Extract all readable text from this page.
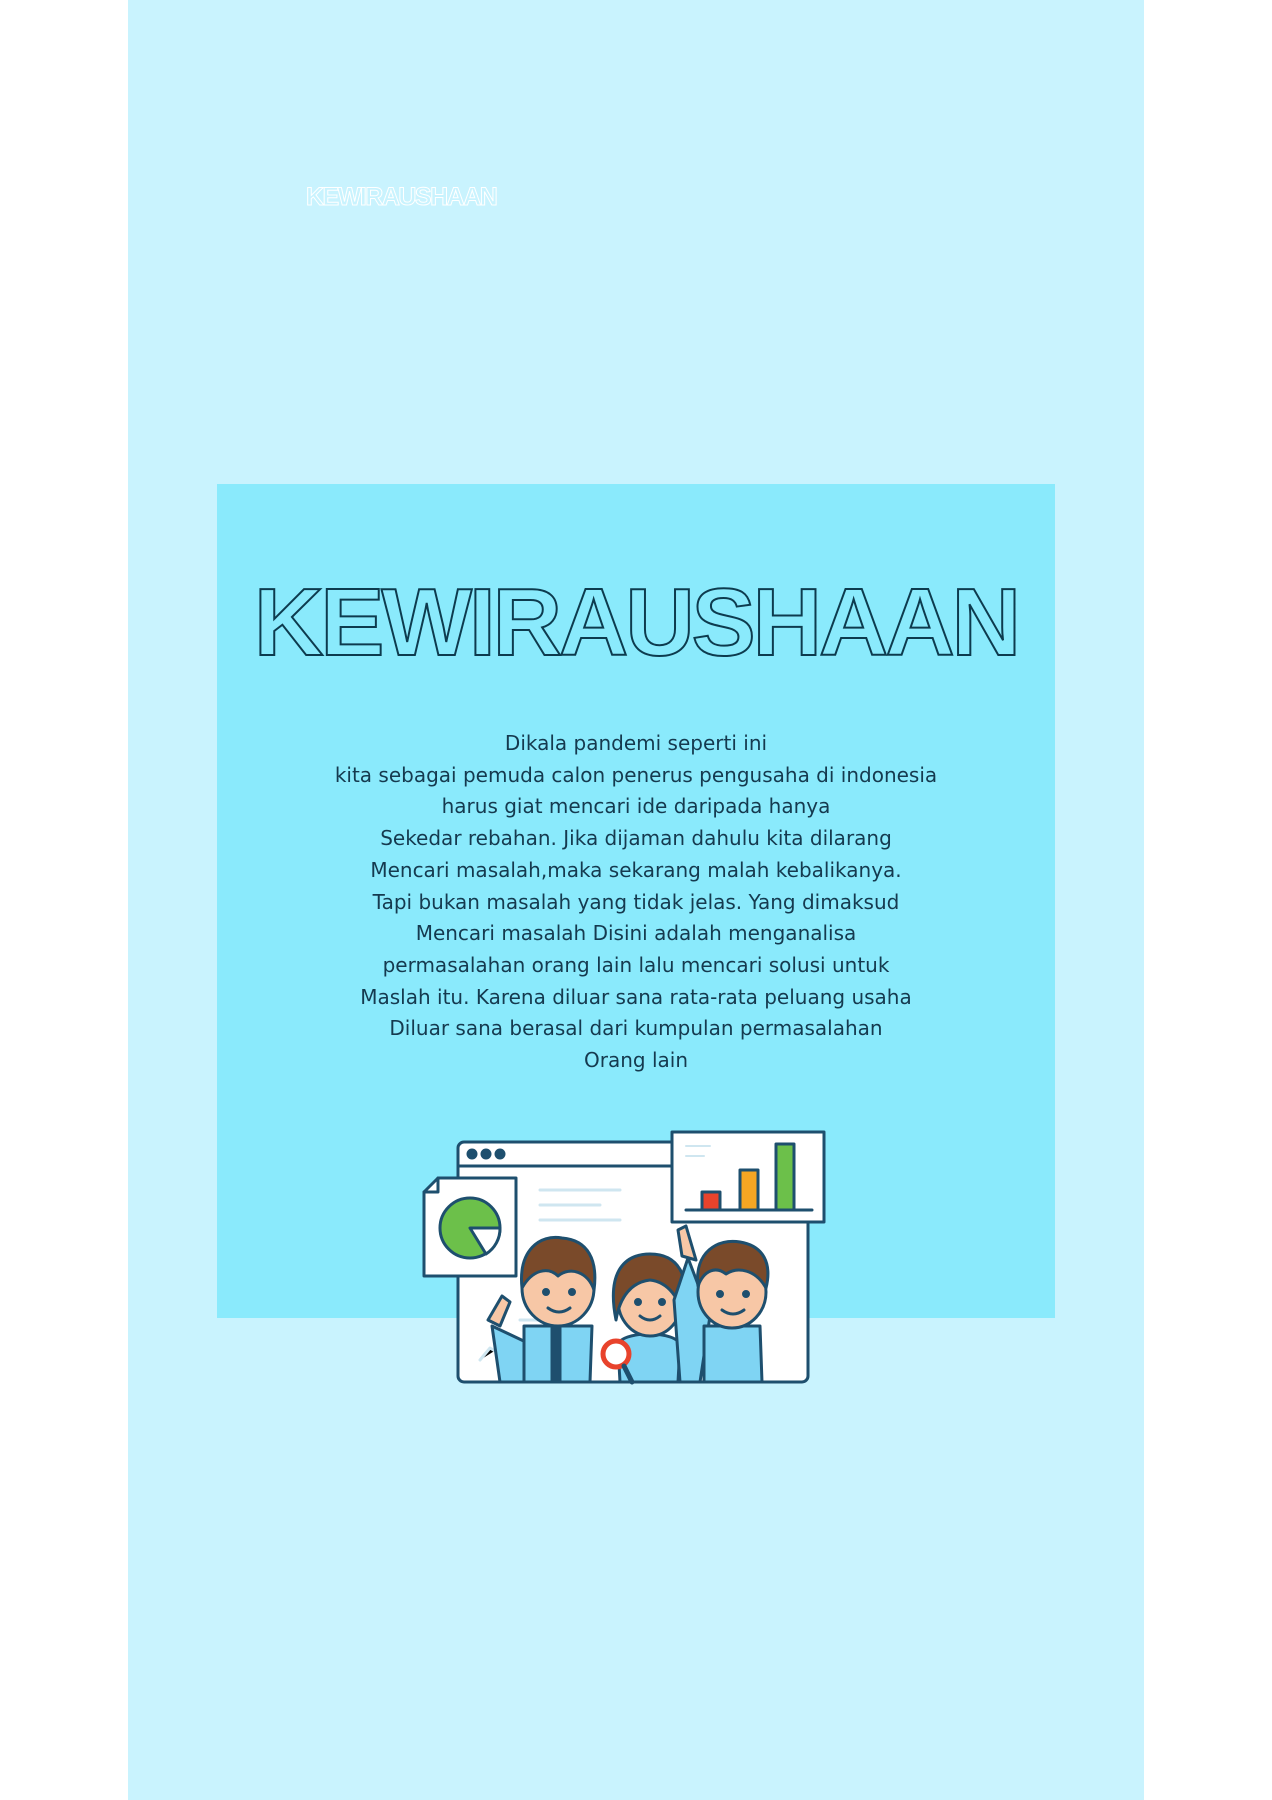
KEWIRAUSHAAN
KEWIRAUSHAAN
Dikala pandemi seperti ini
kita sebagai pemuda calon penerus pengusaha di indonesia
harus giat mencari ide daripada hanya
Sekedar rebahan. Jika dijaman dahulu kita dilarang
Mencari masalah,maka sekarang malah kebalikanya.
Tapi bukan masalah yang tidak jelas. Yang dimaksud
Mencari masalah Disini adalah menganalisa
permasalahan orang lain lalu mencari solusi untuk
Maslah itu. Karena diluar sana rata-rata peluang usaha
Diluar sana berasal dari kumpulan permasalahan
Orang lain
